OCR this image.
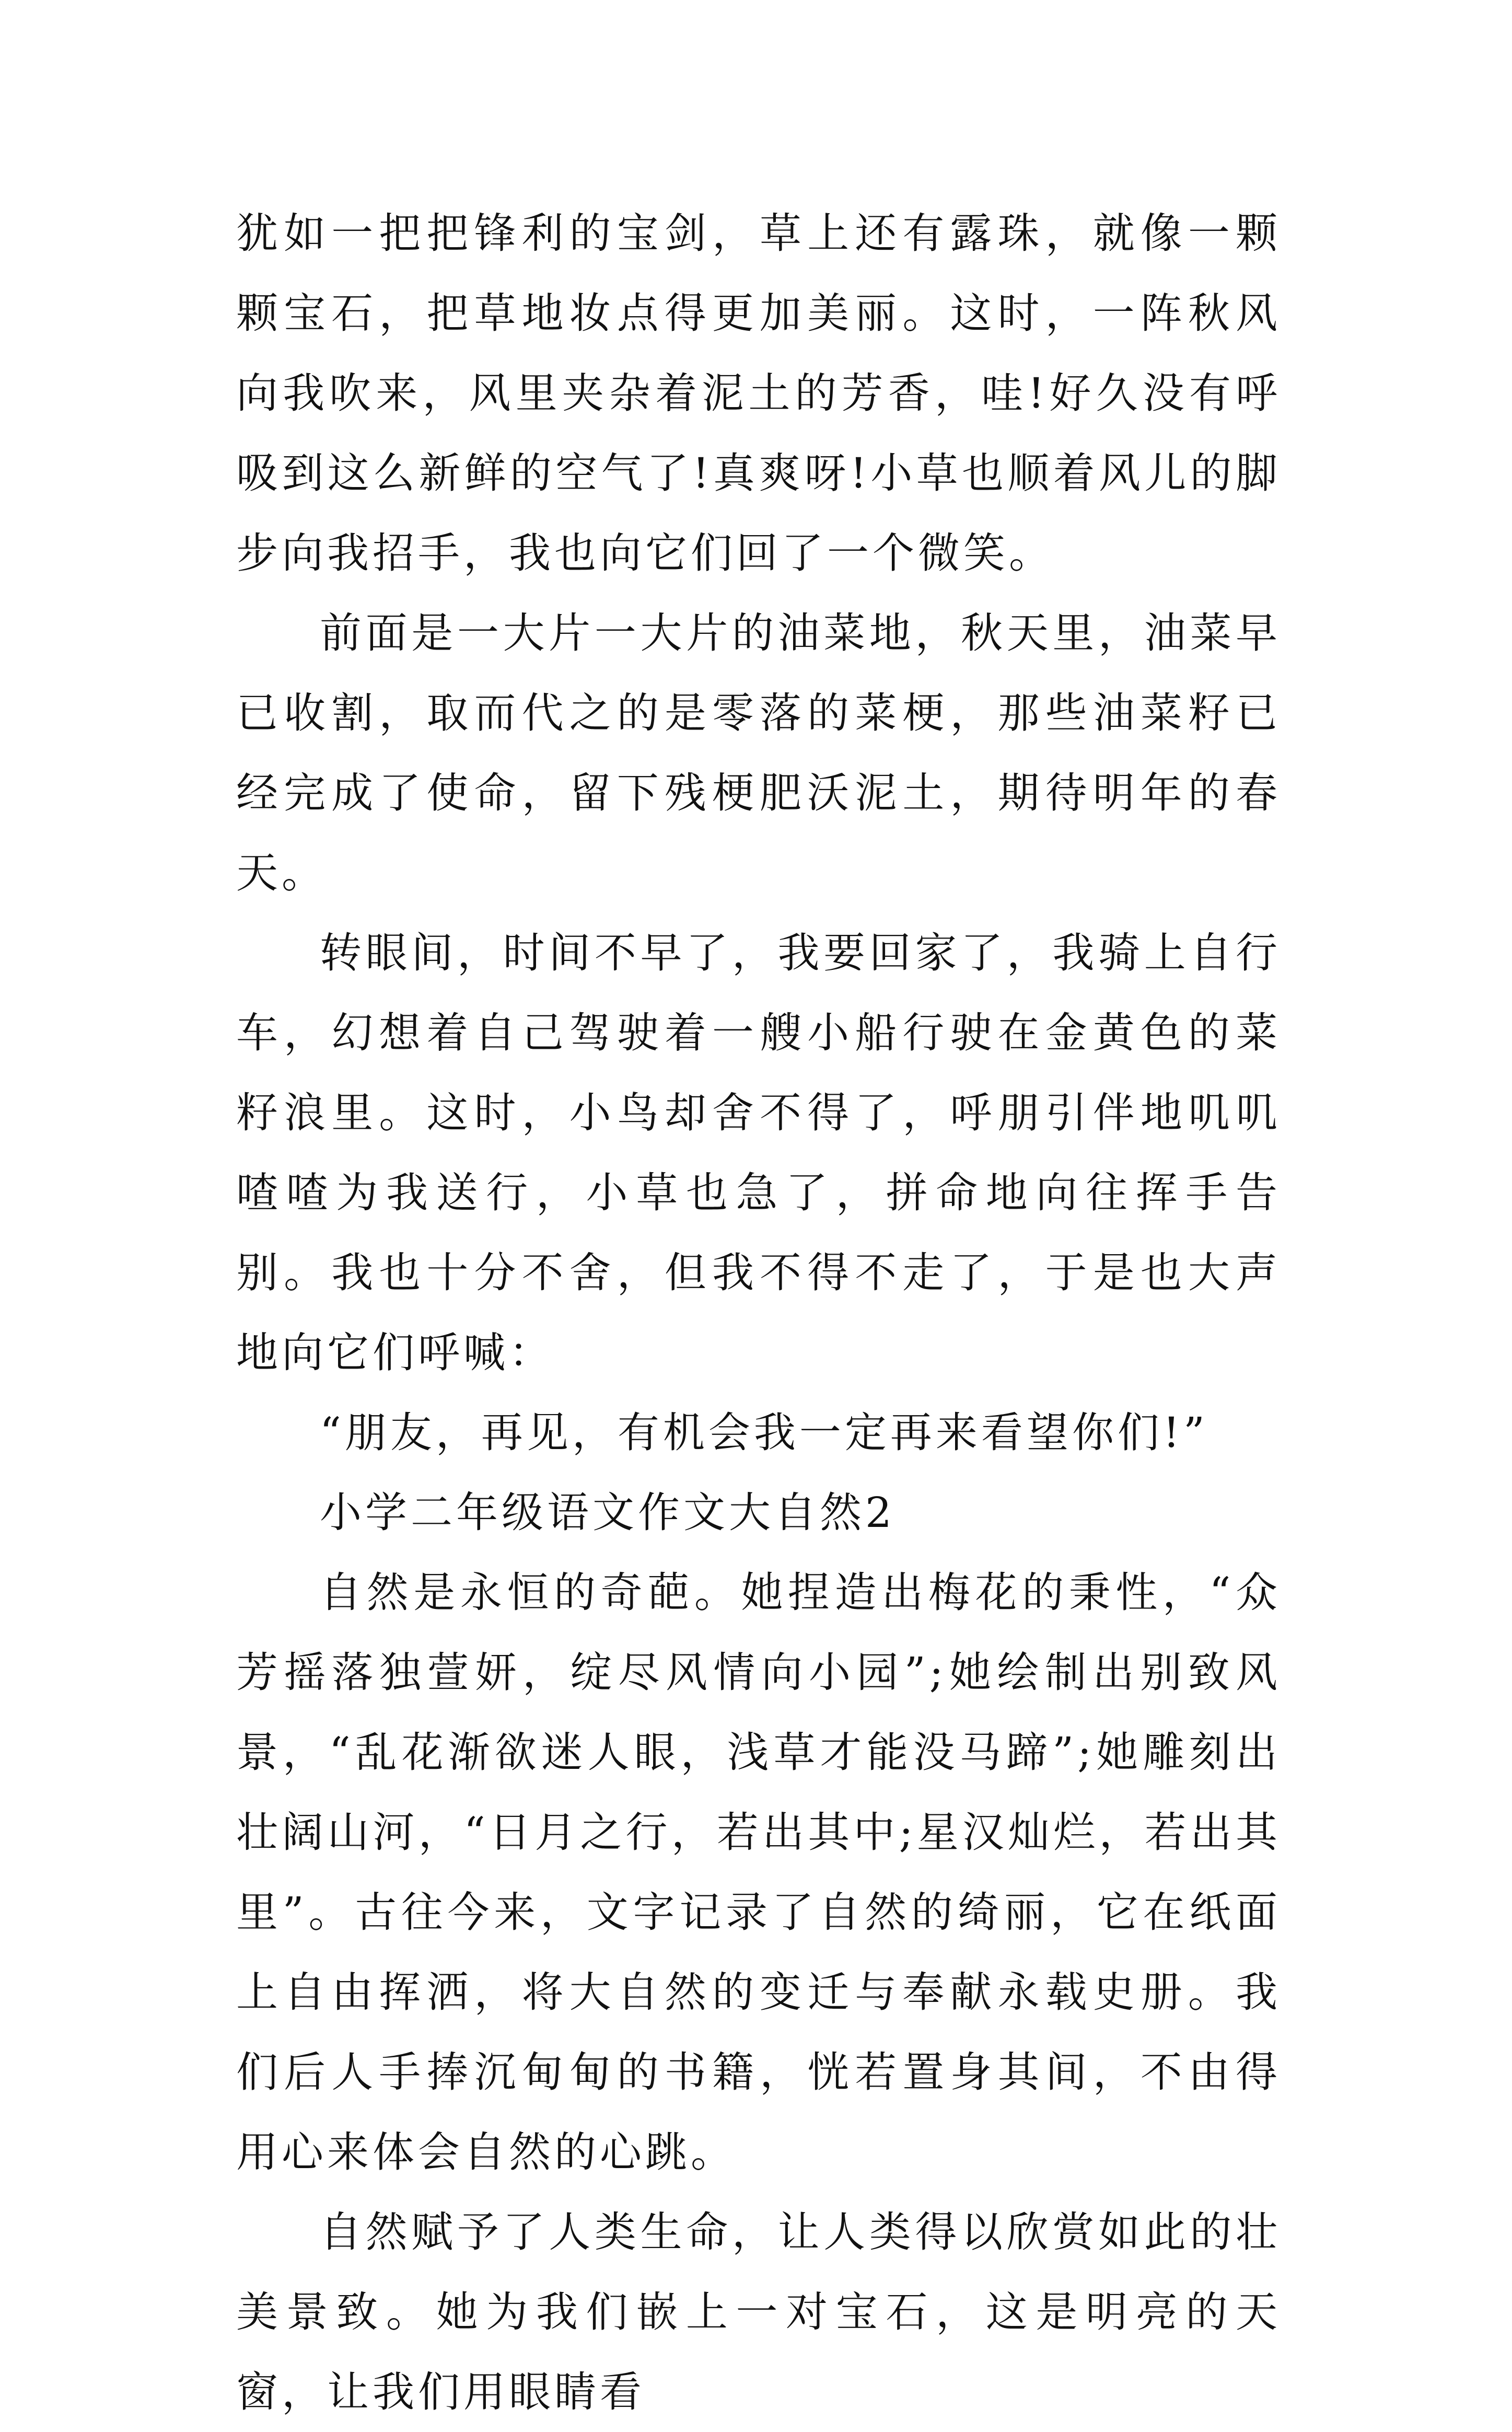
犹如一把把锋利的宝剑，草上还有露珠，就像一颗颗宝石，把草地妆点得更加美丽。这时，一阵秋风向我吹来，风里夹杂着泥土的芳香，哇!好久没有呼吸到这么新鲜的空气了!真爽呀!小草也顺着风儿的脚步向我招手，我也向它们回了一个微笑。

前面是一大片一大片的油菜地，秋天里，油菜早已收割，取而代之的是零落的菜梗，那些油菜籽已经完成了使命，留下残梗肥沃泥土，期待明年的春天。

转眼间，时间不早了，我要回家了，我骑上自行车，幻想着自己驾驶着一艘小船行驶在金黄色的菜籽浪里。这时，小鸟却舍不得了，呼朋引伴地叽叽喳喳为我送行，小草也急了，拼命地向往挥手告别。我也十分不舍，但我不得不走了，于是也大声地向它们呼喊：

“朋友，再见，有机会我一定再来看望你们!”

小学二年级语文作文大自然2

自然是永恒的奇葩。她捏造出梅花的秉性，“众芳摇落独萱妍，绽尽风情向小园”;她绘制出别致风景，“乱花渐欲迷人眼，浅草才能没马蹄”;她雕刻出壮阔山河，“日月之行，若出其中;星汉灿烂，若出其里”。古往今来，文字记录了自然的绮丽，它在纸面上自由挥洒，将大自然的变迁与奉献永载史册。我们后人手捧沉甸甸的书籍，恍若置身其间，不由得用心来体会自然的心跳。

自然赋予了人类生命，让人类得以欣赏如此的壮美景致。她为我们嵌上一对宝石，这是明亮的天窗，让我们用眼睛看
